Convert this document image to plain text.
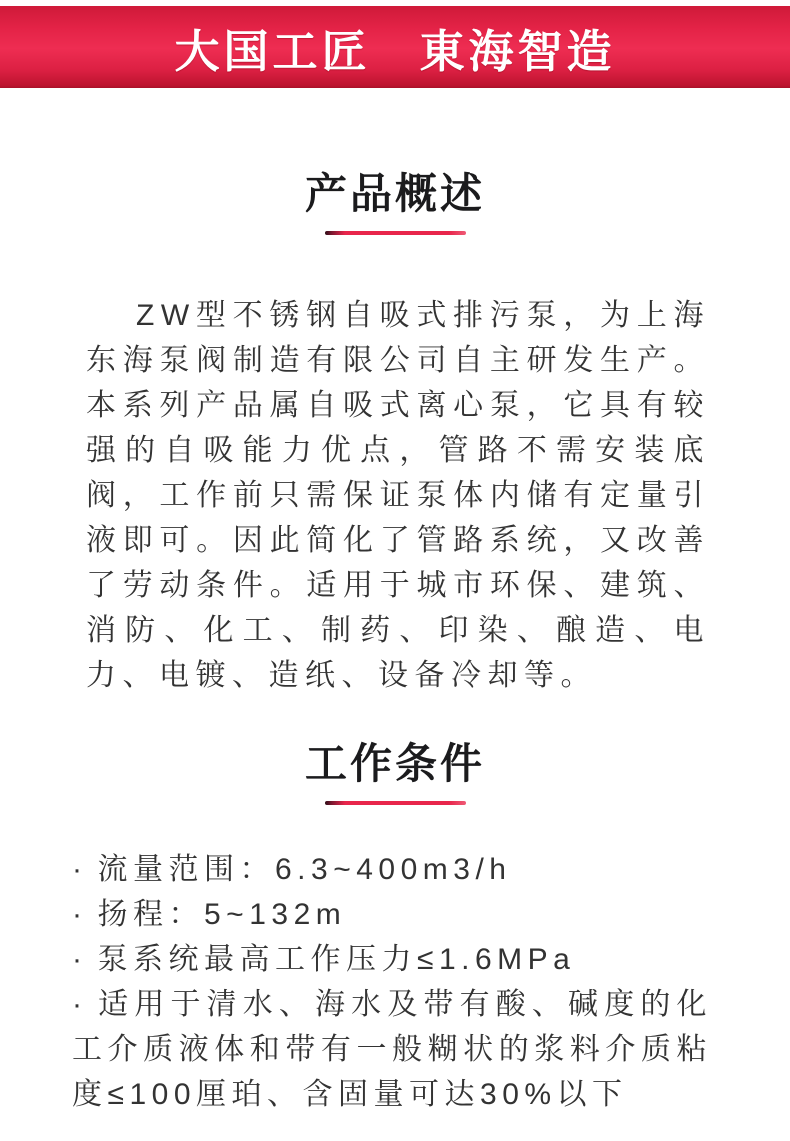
大国工匠　東海智造
产品概述

ZW型不锈钢自吸式排污泵，为上海东海泵阀制造有限公司自主研发生产。本系列产品属自吸式离心泵，它具有较强的自吸能力优点，管路不需安装底阀，工作前只需保证泵体内储有定量引液即可。因此简化了管路系统，又改善了劳动条件。适用于城市环保、建筑、消防、化工、制药、印染、酿造、电力、电镀、造纸、设备冷却等。

工作条件
· 流量范围：6.3~400m3/h
· 扬程：5~132m
· 泵系统最高工作压力≤1.6MPa
· 适用于清水、海水及带有酸、碱度的化工介质液体和带有一般糊状的浆料介质粘度≤100厘珀、含固量可达30%以下
